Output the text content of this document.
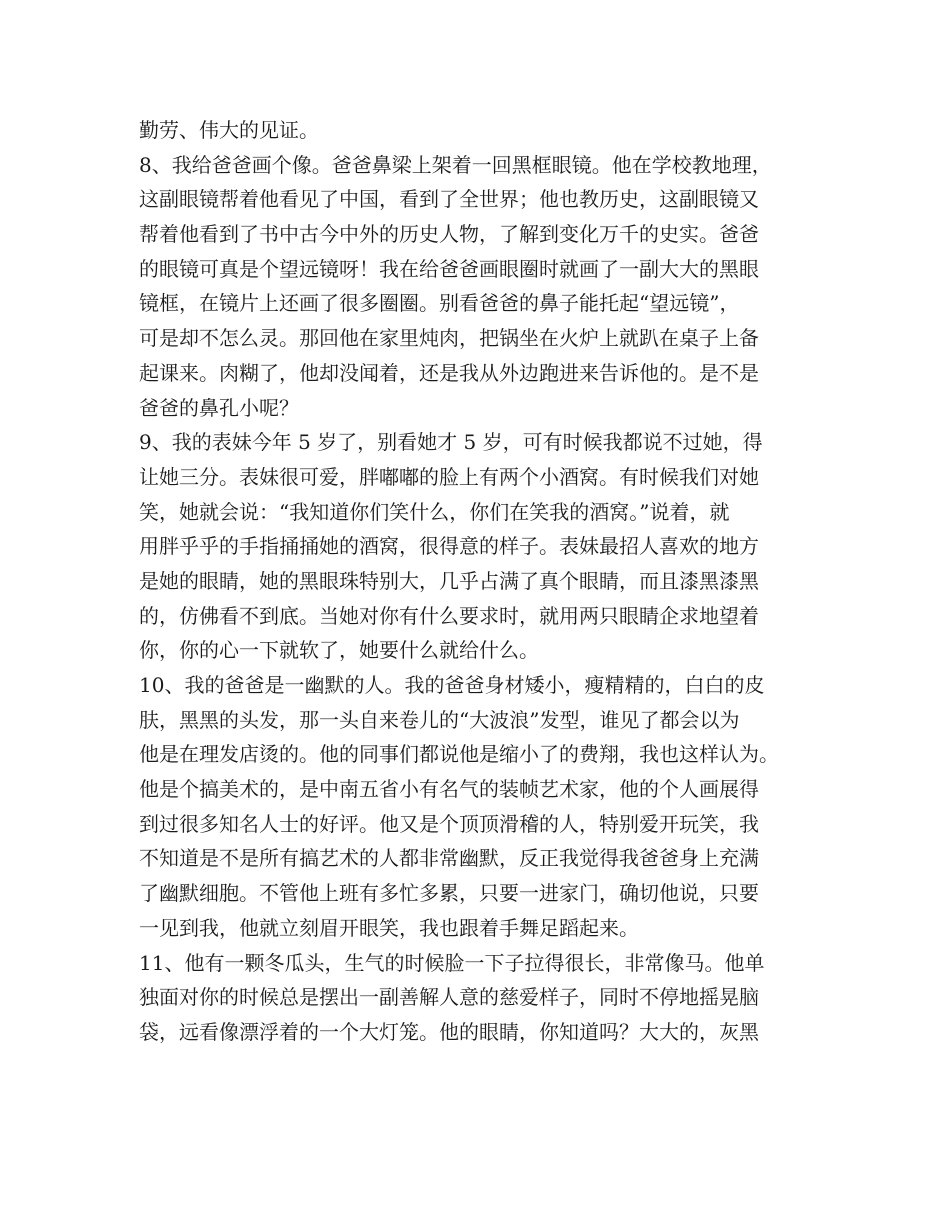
勤劳、伟大的见证。
8、我给爸爸画个像。爸爸鼻梁上架着一回黑框眼镜。他在学校教地理，
这副眼镜帮着他看见了中国，看到了全世界；他也教历史，这副眼镜又
帮着他看到了书中古今中外的历史人物，了解到变化万千的史实。爸爸
的眼镜可真是个望远镜呀！我在给爸爸画眼圈时就画了一副大大的黑眼
镜框，在镜片上还画了很多圈圈。别看爸爸的鼻子能托起“望远镜”，
可是却不怎么灵。那回他在家里炖肉，把锅坐在火炉上就趴在桌子上备
起课来。肉糊了，他却没闻着，还是我从外边跑进来告诉他的。是不是
爸爸的鼻孔小呢？
9、我的表妹今年 5 岁了，别看她才 5 岁，可有时候我都说不过她，得
让她三分。表妹很可爱，胖嘟嘟的脸上有两个小酒窝。有时候我们对她
笑，她就会说：“我知道你们笑什么，你们在笑我的酒窝。”说着，就
用胖乎乎的手指捅捅她的酒窝，很得意的样子。表妹最招人喜欢的地方
是她的眼睛，她的黑眼珠特别大，几乎占满了真个眼睛，而且漆黑漆黑
的，仿佛看不到底。当她对你有什么要求时，就用两只眼睛企求地望着
你，你的心一下就软了，她要什么就给什么。
10、我的爸爸是一幽默的人。我的爸爸身材矮小，瘦精精的，白白的皮
肤，黑黑的头发，那一头自来卷儿的“大波浪”发型，谁见了都会以为
他是在理发店烫的。他的同事们都说他是缩小了的费翔，我也这样认为。
他是个搞美术的，是中南五省小有名气的装帧艺术家，他的个人画展得
到过很多知名人士的好评。他又是个顶顶滑稽的人，特别爱开玩笑，我
不知道是不是所有搞艺术的人都非常幽默，反正我觉得我爸爸身上充满
了幽默细胞。不管他上班有多忙多累，只要一进家门，确切他说，只要
一见到我，他就立刻眉开眼笑，我也跟着手舞足蹈起来。
11、他有一颗冬瓜头，生气的时候脸一下子拉得很长，非常像马。他单
独面对你的时候总是摆出一副善解人意的慈爱样子，同时不停地摇晃脑
袋，远看像漂浮着的一个大灯笼。他的眼睛，你知道吗？大大的，灰黑
